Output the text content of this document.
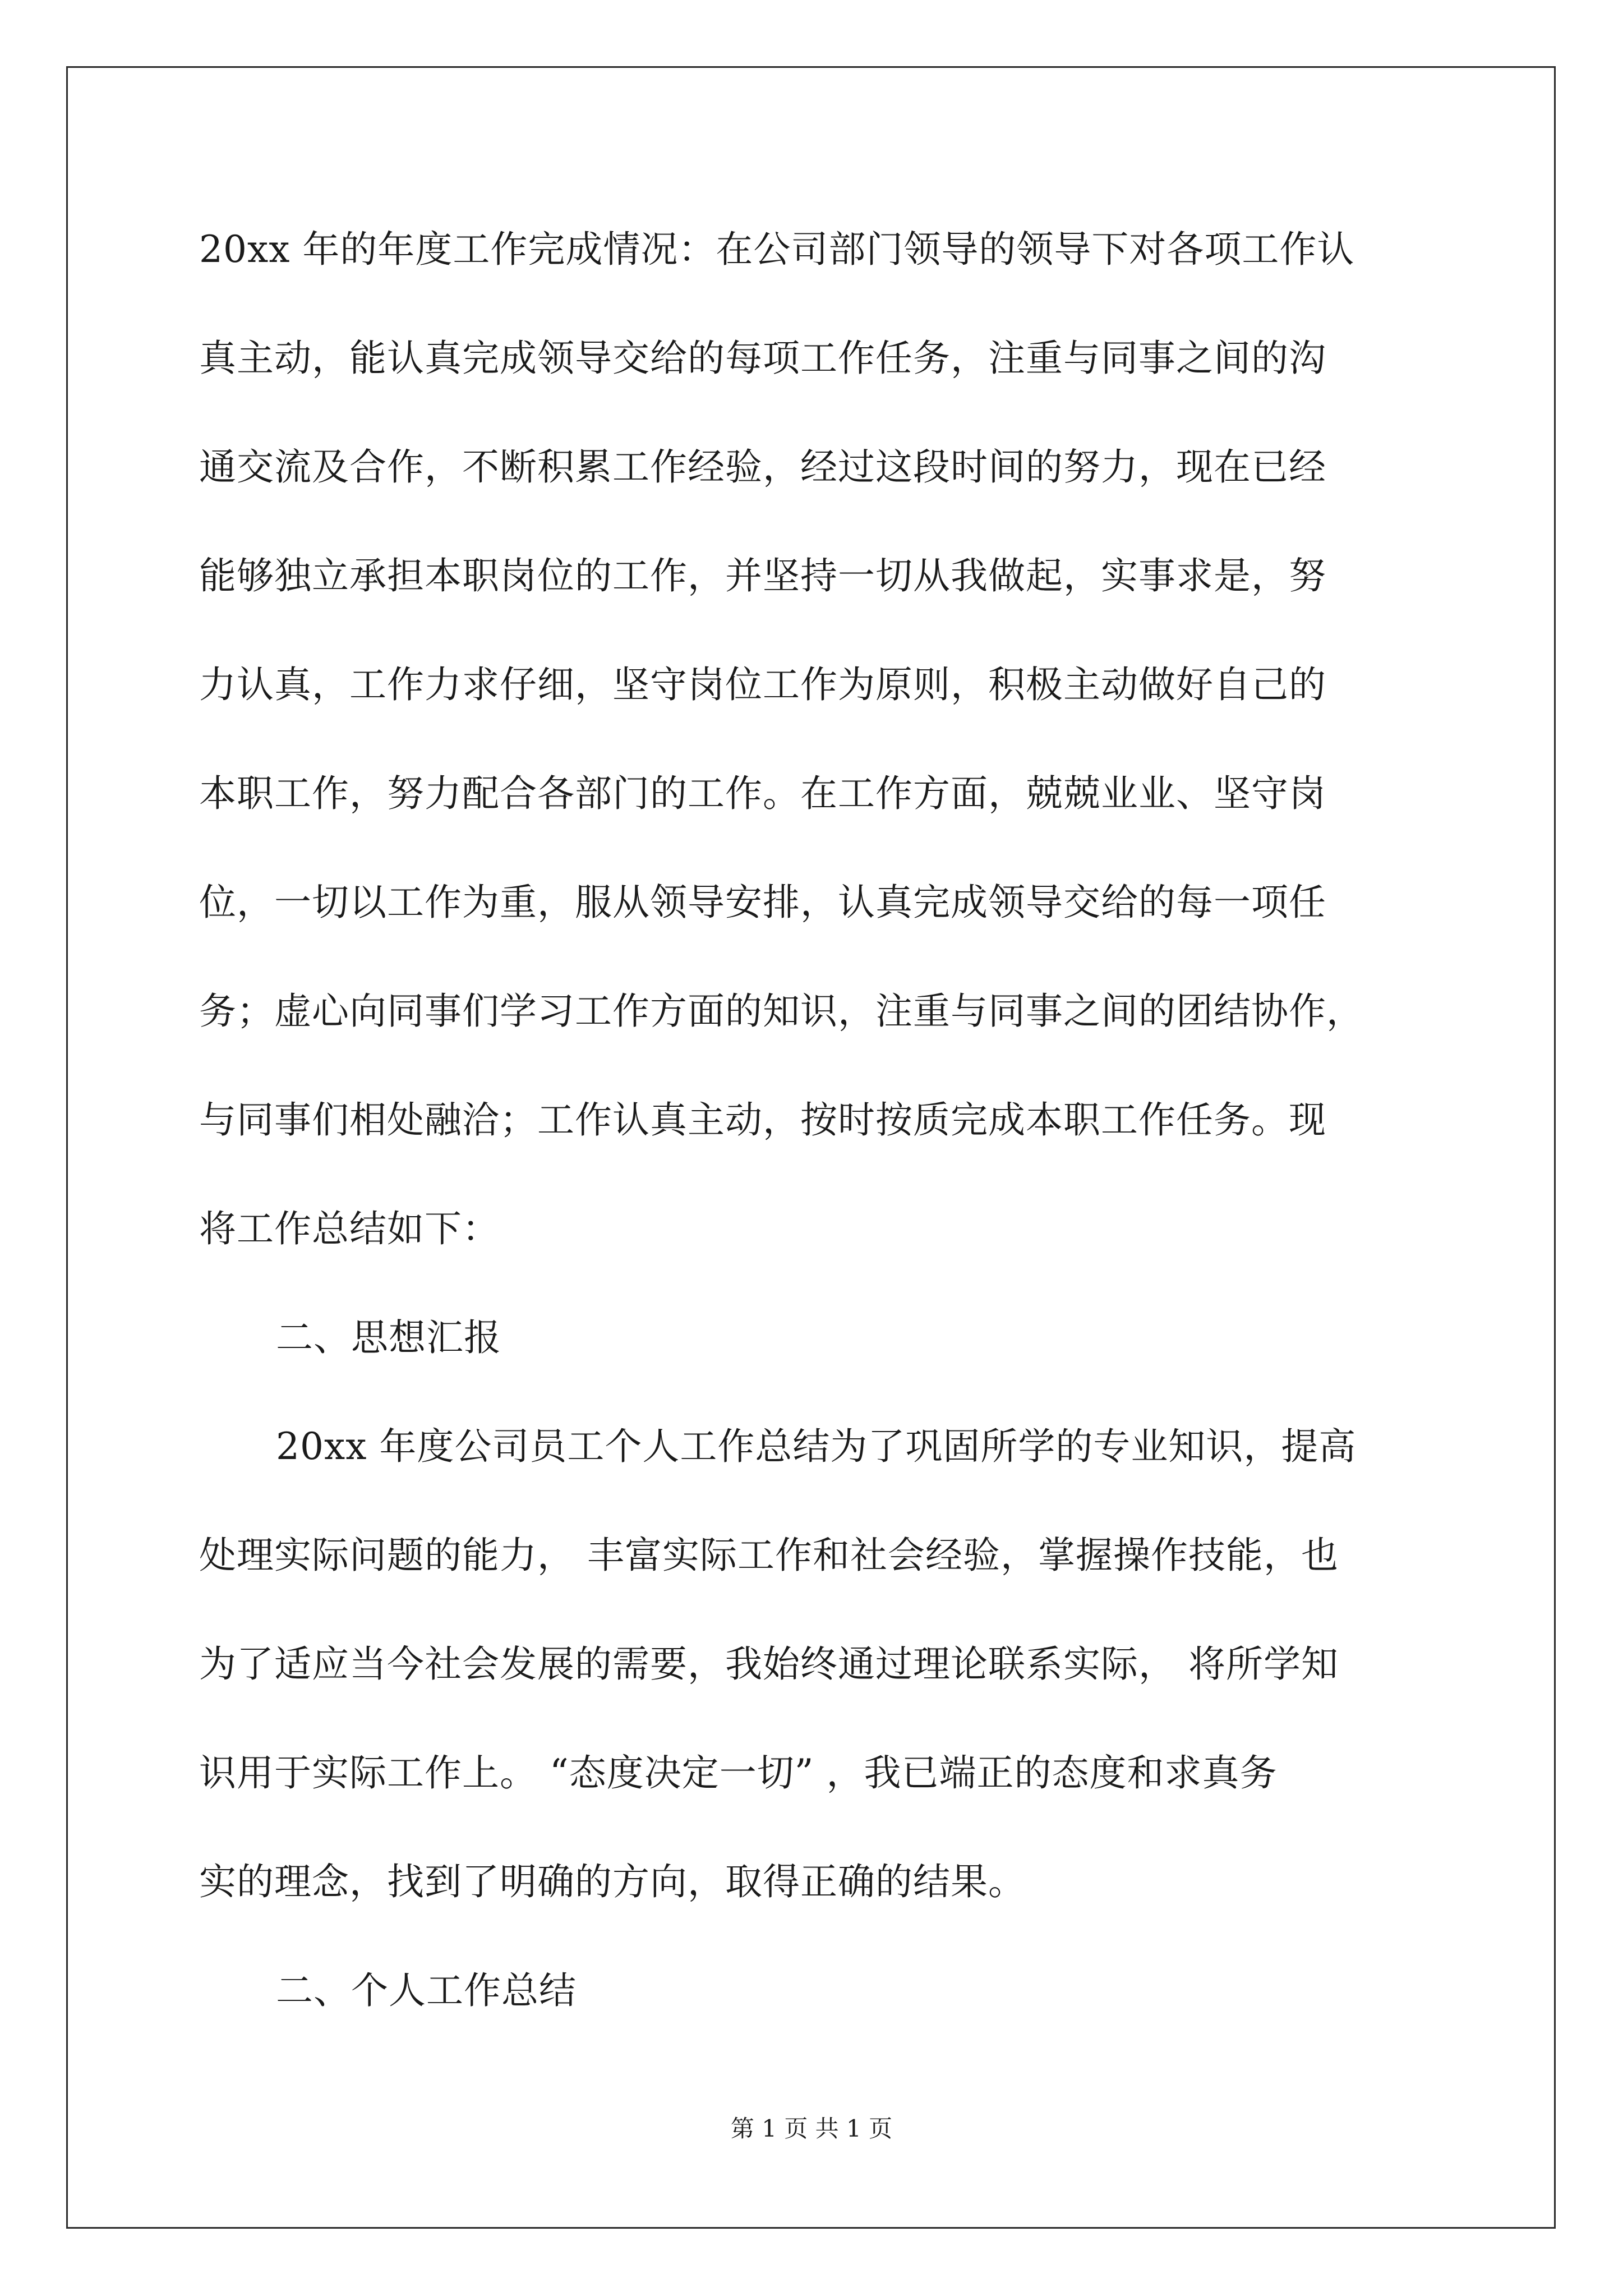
20xx 年的年度工作完成情况：在公司部门领导的领导下对各项工作认
真主动，能认真完成领导交给的每项工作任务，注重与同事之间的沟
通交流及合作，不断积累工作经验，经过这段时间的努力，现在已经
能够独立承担本职岗位的工作，并坚持一切从我做起，实事求是，努
力认真，工作力求仔细，坚守岗位工作为原则，积极主动做好自己的
本职工作，努力配合各部门的工作。在工作方面，兢兢业业、坚守岗
位，一切以工作为重，服从领导安排，认真完成领导交给的每一项任
务；虚心向同事们学习工作方面的知识，注重与同事之间的团结协作，
与同事们相处融洽；工作认真主动，按时按质完成本职工作任务。现
将工作总结如下：
二、思想汇报
20xx 年度公司员工个人工作总结为了巩固所学的专业知识，提高
处理实际问题的能力， 丰富实际工作和社会经验，掌握操作技能，也
为了适应当今社会发展的需要，我始终通过理论联系实际， 将所学知
识用于实际工作上。 “态度决定一切” ，我已端正的态度和求真务
实的理念，找到了明确的方向，取得正确的结果。
二、个人工作总结
第 1 页 共 1 页
